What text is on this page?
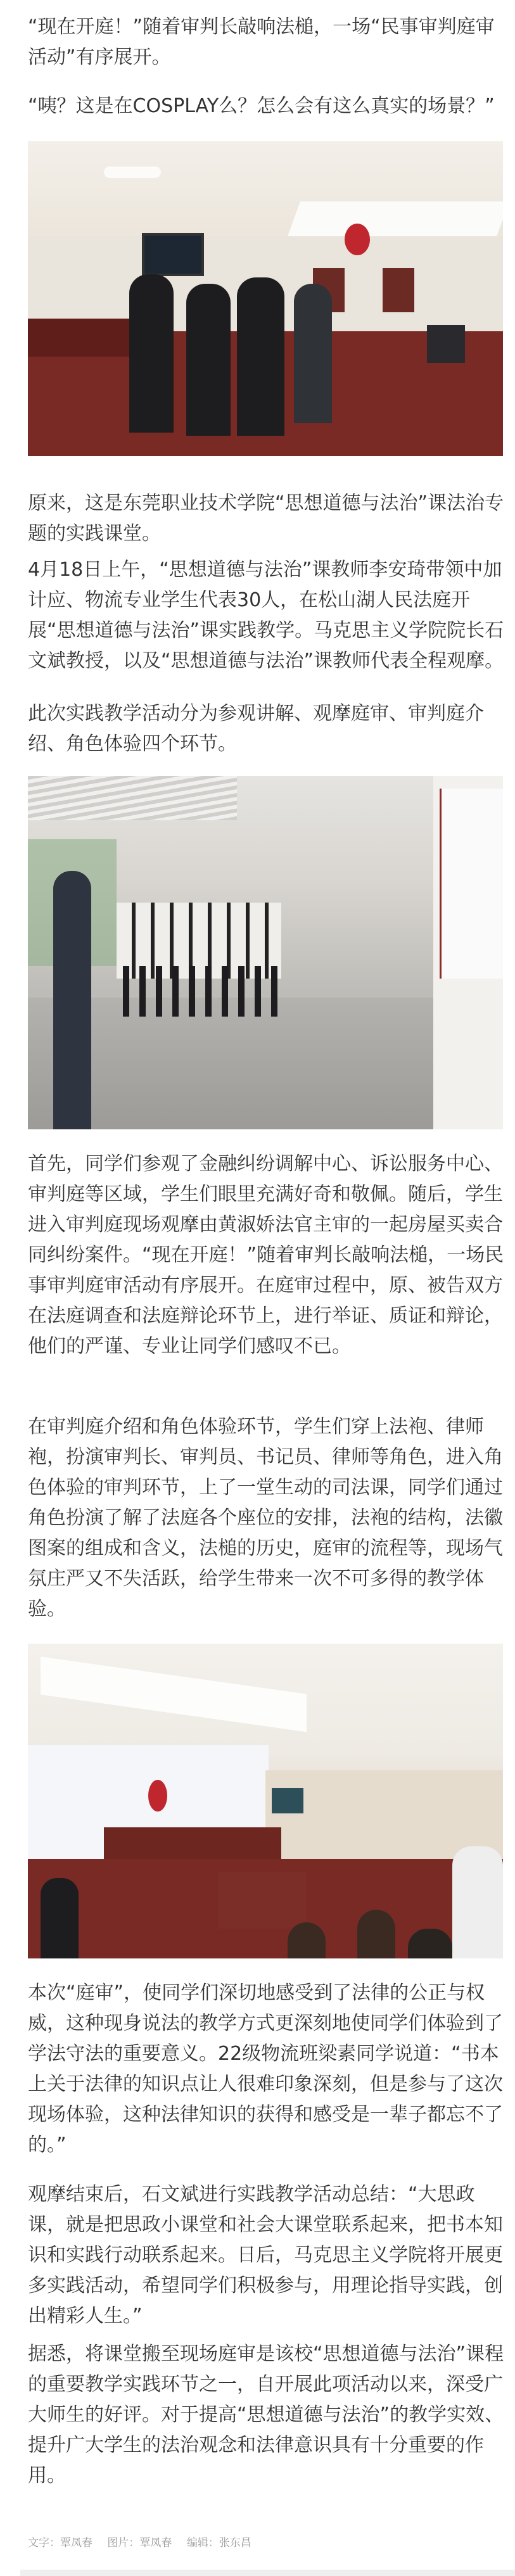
“现在开庭！”随着审判长敲响法槌，一场“民事审判庭审活动”有序展开。

“咦？这是在COSPLAY么？怎么会有这么真实的场景？”

原来，这是东莞职业技术学院“思想道德与法治”课法治专题的实践课堂。

4月18日上午，“思想道德与法治”课教师李安琦带领中加计应、物流专业学生代表30人，在松山湖人民法庭开展“思想道德与法治”课实践教学。马克思主义学院院长石文斌教授，以及“思想道德与法治”课教师代表全程观摩。

此次实践教学活动分为参观讲解、观摩庭审、审判庭介绍、角色体验四个环节。

首先，同学们参观了金融纠纷调解中心、诉讼服务中心、审判庭等区域，学生们眼里充满好奇和敬佩。随后，学生进入审判庭现场观摩由黄淑娇法官主审的一起房屋买卖合同纠纷案件。“现在开庭！”随着审判长敲响法槌，一场民事审判庭审活动有序展开。在庭审过程中，原、被告双方在法庭调查和法庭辩论环节上，进行举证、质证和辩论，他们的严谨、专业让同学们感叹不已。

在审判庭介绍和角色体验环节，学生们穿上法袍、律师袍，扮演审判长、审判员、书记员、律师等角色，进入角色体验的审判环节，上了一堂生动的司法课，同学们通过角色扮演了解了法庭各个座位的安排，法袍的结构，法徽图案的组成和含义，法槌的历史，庭审的流程等，现场气氛庄严又不失活跃，给学生带来一次不可多得的教学体验。

本次“庭审”，使同学们深切地感受到了法律的公正与权威，这种现身说法的教学方式更深刻地使同学们体验到了学法守法的重要意义。22级物流班梁素同学说道：“书本上关于法律的知识点让人很难印象深刻，但是参与了这次现场体验，这种法律知识的获得和感受是一辈子都忘不了的。”

观摩结束后，石文斌进行实践教学活动总结：“大思政课，就是把思政小课堂和社会大课堂联系起来，把书本知识和实践行动联系起来。日后，马克思主义学院将开展更多实践活动，希望同学们积极参与，用理论指导实践，创出精彩人生。”

据悉，将课堂搬至现场庭审是该校“思想道德与法治”课程的重要教学实践环节之一，自开展此项活动以来，深受广大师生的好评。对于提高“思想道德与法治”的教学实效、提升广大学生的法治观念和法律意识具有十分重要的作用。

文字：覃凤春 图片：覃凤春 编辑：张东昌
